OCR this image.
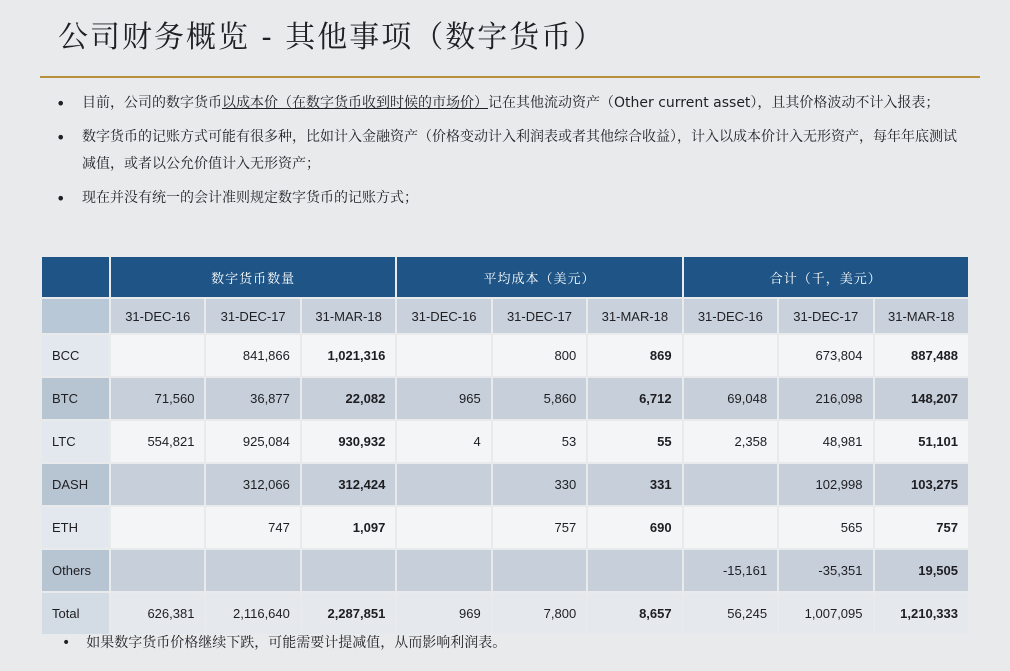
公司财务概览 - 其他事项（数字货币）
• 目前，公司的数字货币以成本价（在数字货币收到时候的市场价）记在其他流动资产（Other current asset），且其价格波动不计入报表；
• 数字货币的记账方式可能有很多种，比如计入金融资产（价格变动计入利润表或者其他综合收益），计入以成本价计入无形资产，每年年底测试减值，或者以公允价值计入无形资产；
• 现在并没有统一的会计准则规定数字货币的记账方式；
	数字货币数量			平均成本（美元）			合计（千，美元）		
	31-DEC-16	31-DEC-17	31-MAR-18	31-DEC-16	31-DEC-17	31-MAR-18	31-DEC-16	31-DEC-17	31-MAR-18
BCC		841,866	1,021,316		800	869		673,804	887,488
BTC	71,560	36,877	22,082	965	5,860	6,712	69,048	216,098	148,207
LTC	554,821	925,084	930,932	4	53	55	2,358	48,981	51,101
DASH		312,066	312,424		330	331		102,998	103,275
ETH		747	1,097		757	690		565	757
Others							-15,161	-35,351	19,505
Total	626,381	2,116,640	2,287,851	969	7,800	8,657	56,245	1,007,095	1,210,333
• 如果数字货币价格继续下跌，可能需要计提减值，从而影响利润表。
